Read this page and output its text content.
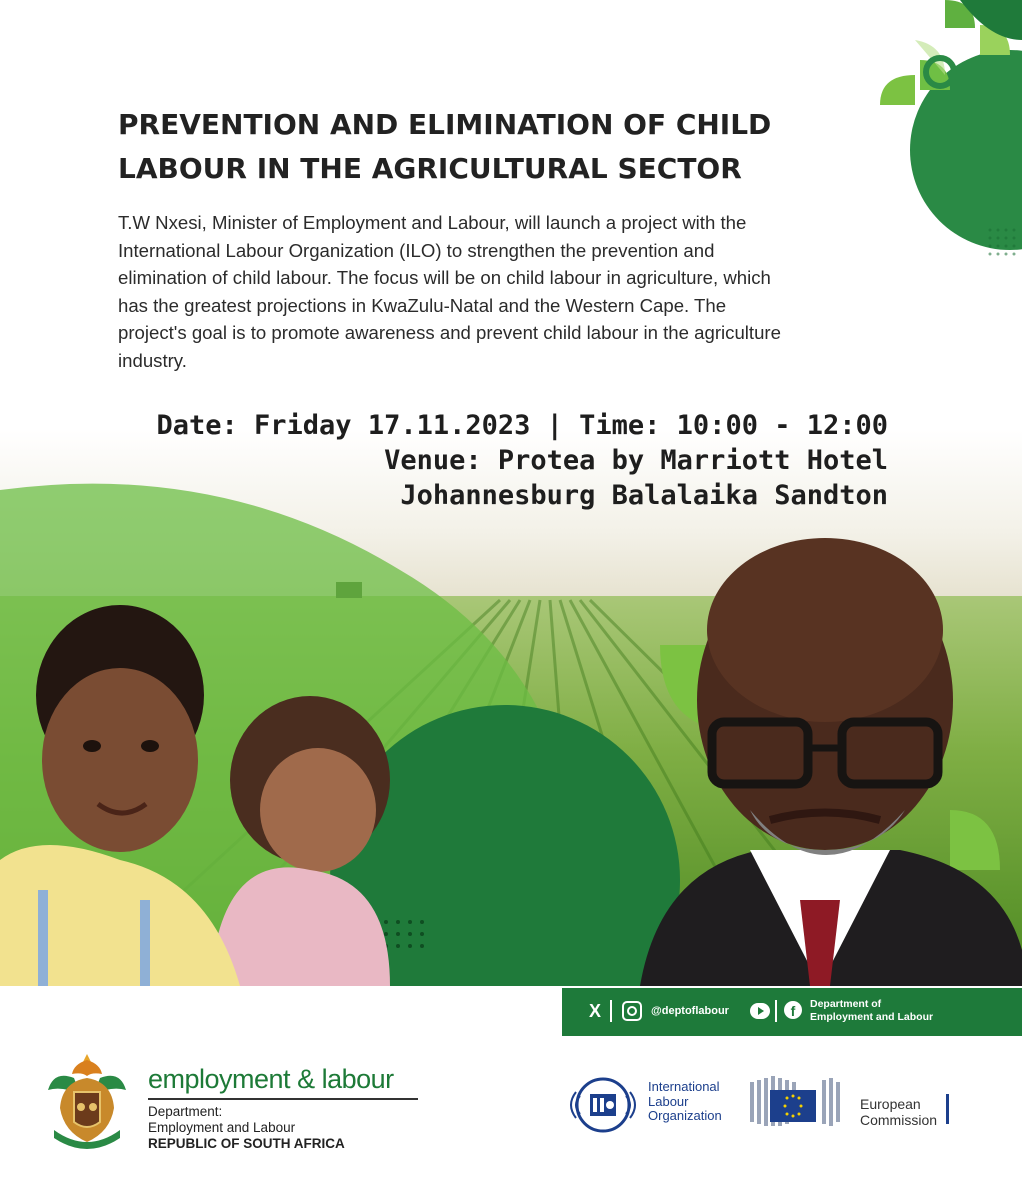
PREVENTION AND ELIMINATION OF CHILD
LABOUR IN THE AGRICULTURAL SECTOR

T.W Nxesi, Minister of Employment and Labour, will launch a project with the
International Labour Organization (ILO) to strengthen the prevention and
elimination of child labour. The focus will be on child labour in agriculture, which
has the greatest projections in KwaZulu-Natal and the Western Cape. The
project's goal is to promote awareness and prevent child labour in the agriculture
industry.

Date: Friday 17.11.2023 | Time: 10:00 - 12:00
Venue: Protea by Marriott Hotel
Johannesburg Balalaika Sandton
X	@deptoflabour	f	Department of
Employment and Labour
employment & labour
Department:
Employment and Labour
REPUBLIC OF SOUTH AFRICA
International
Labour
Organization
European
Commission
